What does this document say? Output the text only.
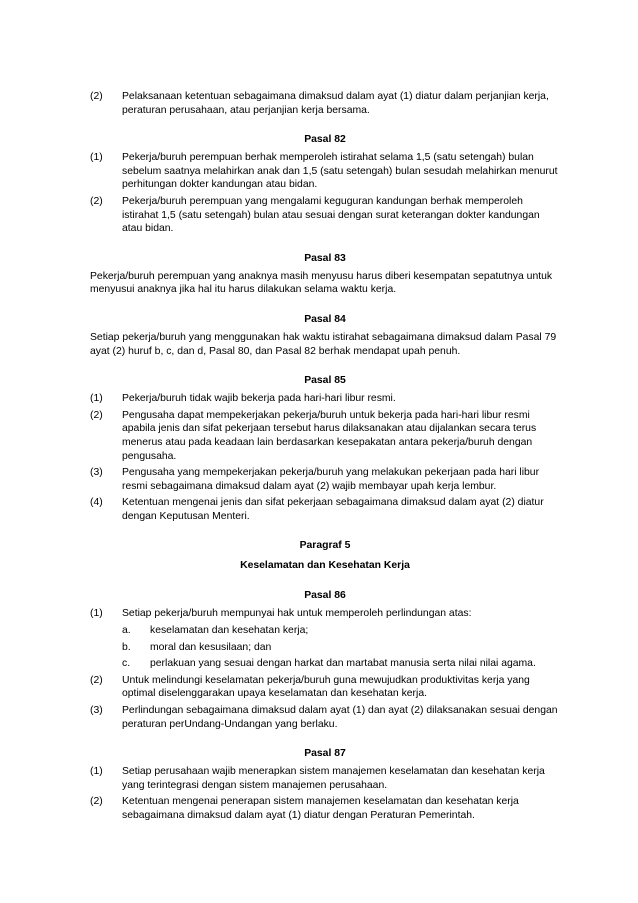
(2)	Pelaksanaan ketentuan sebagaimana dimaksud dalam ayat (1) diatur dalam perjanjian kerja, peraturan perusahaan, atau perjanjian kerja bersama.
Pasal 82
(1)	Pekerja/buruh perempuan berhak memperoleh istirahat selama 1,5 (satu setengah) bulan sebelum saatnya melahirkan anak dan 1,5 (satu setengah) bulan sesudah melahirkan menurut perhitungan dokter kandungan atau bidan.
(2)	Pekerja/buruh perempuan yang mengalami keguguran kandungan berhak memperoleh istirahat 1,5 (satu setengah) bulan atau sesuai dengan surat keterangan dokter kandungan atau bidan.
Pasal 83
Pekerja/buruh perempuan yang anaknya masih menyusu harus diberi kesempatan sepatutnya untuk menyusui anaknya jika hal itu harus dilakukan selama waktu kerja.
Pasal 84
Setiap pekerja/buruh yang menggunakan hak waktu istirahat sebagaimana dimaksud dalam Pasal 79 ayat (2) huruf b, c, dan d, Pasal 80, dan Pasal 82 berhak mendapat upah penuh.
Pasal 85
(1)	Pekerja/buruh tidak wajib bekerja pada hari-hari libur resmi.
(2)	Pengusaha dapat mempekerjakan pekerja/buruh untuk bekerja pada hari-hari libur resmi apabila jenis dan sifat pekerjaan tersebut harus dilaksanakan atau dijalankan secara terus menerus atau pada keadaan lain berdasarkan kesepakatan antara pekerja/buruh dengan pengusaha.
(3)	Pengusaha yang mempekerjakan pekerja/buruh yang melakukan pekerjaan pada hari libur resmi sebagaimana dimaksud dalam ayat (2) wajib membayar upah kerja lembur.
(4)	Ketentuan mengenai jenis dan sifat pekerjaan sebagaimana dimaksud dalam ayat (2) diatur dengan Keputusan Menteri.
Paragraf 5
Keselamatan dan Kesehatan Kerja
Pasal 86
(1)	Setiap pekerja/buruh mempunyai hak untuk memperoleh perlindungan atas:
a.	keselamatan dan kesehatan kerja;
b.	moral dan kesusilaan; dan
c.	perlakuan yang sesuai dengan harkat dan martabat manusia serta nilai nilai agama.
(2)	Untuk melindungi keselamatan pekerja/buruh guna mewujudkan produktivitas kerja yang optimal diselenggarakan upaya keselamatan dan kesehatan kerja.
(3)	Perlindungan sebagaimana dimaksud dalam ayat (1) dan ayat (2) dilaksanakan sesuai dengan peraturan perUndang-Undangan yang berlaku.
Pasal 87
(1)	Setiap perusahaan wajib menerapkan sistem manajemen keselamatan dan kesehatan kerja yang terintegrasi dengan sistem manajemen perusahaan.
(2)	Ketentuan mengenai penerapan sistem manajemen keselamatan dan kesehatan kerja sebagaimana dimaksud dalam ayat (1) diatur dengan Peraturan Pemerintah.
